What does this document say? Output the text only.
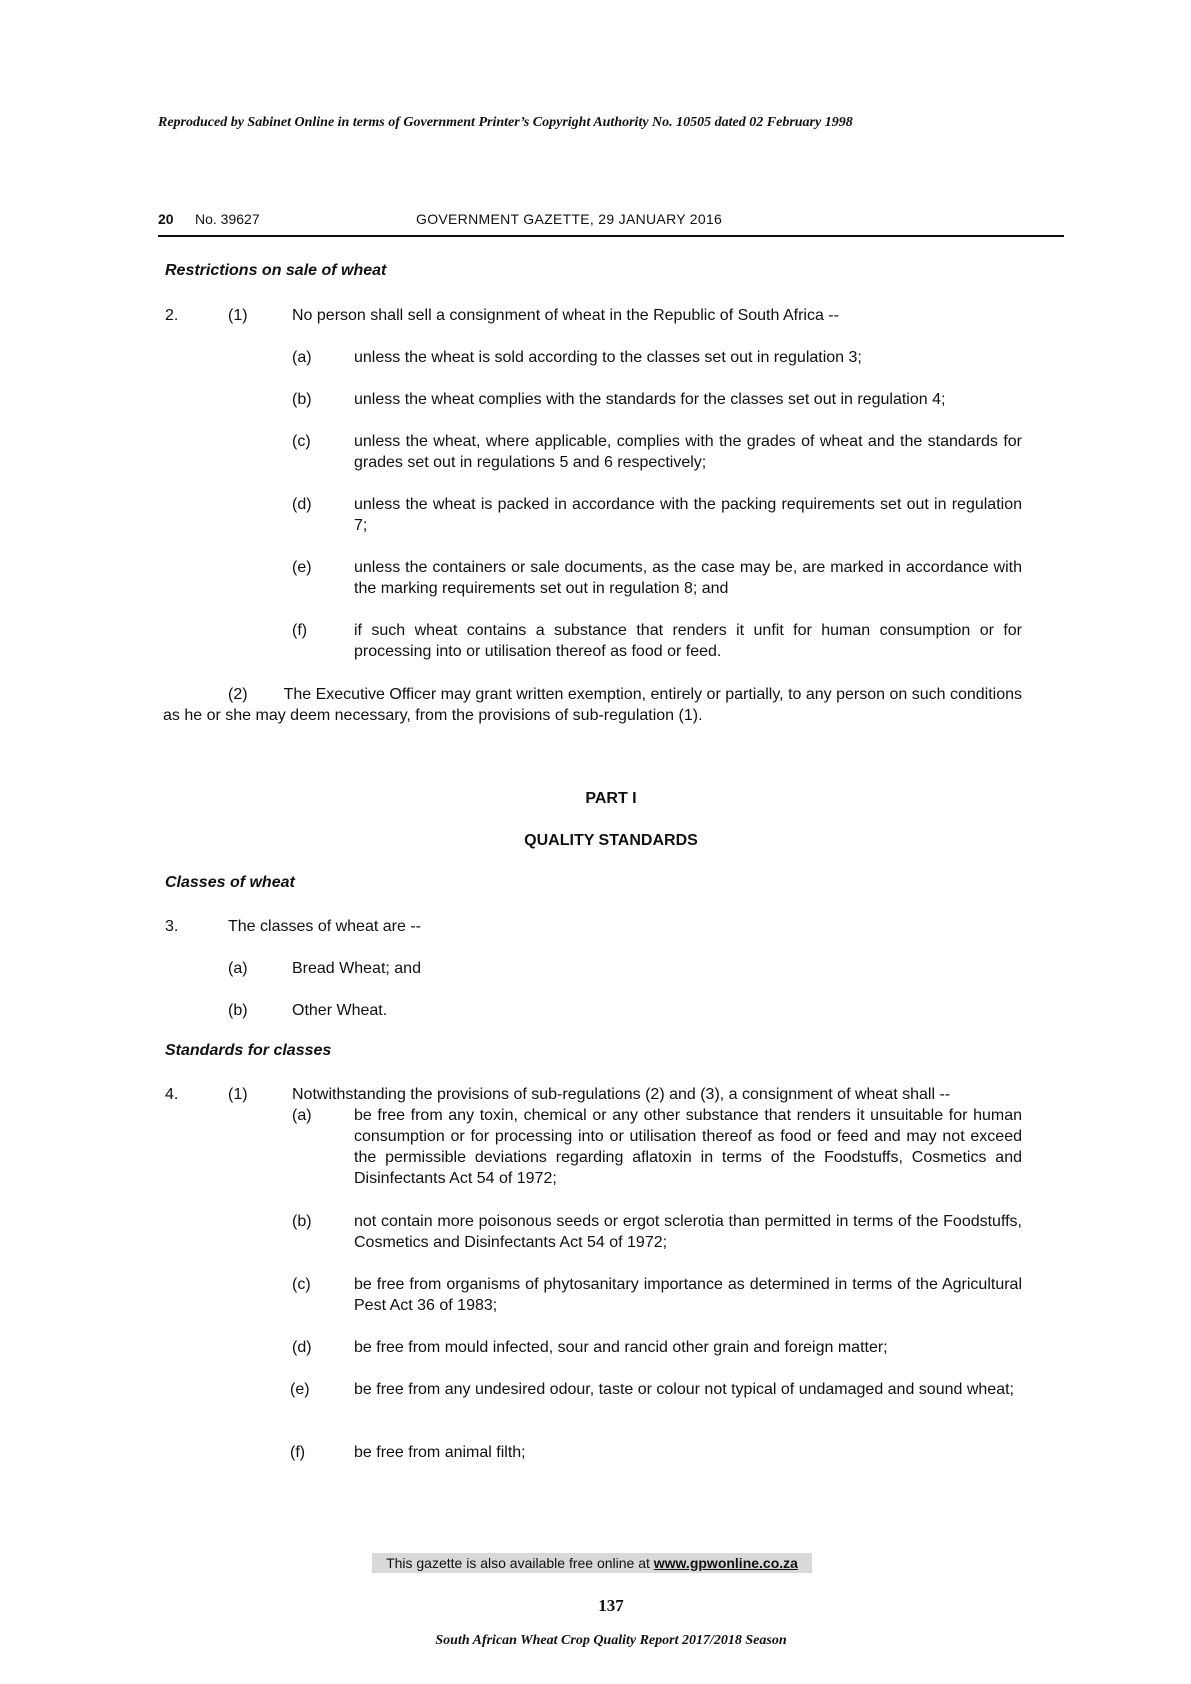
Reproduced by Sabinet Online in terms of Government Printer’s Copyright Authority No. 10505 dated 02 February 1998
20 No. 39627	GOVERNMENT GAZETTE, 29 JANUARY 2016
Restrictions on sale of wheat
2.	(1)	No person shall sell a consignment of wheat in the Republic of South Africa --
(a)	unless the wheat is sold according to the classes set out in regulation 3;
(b)	unless the wheat complies with the standards for the classes set out in regulation 4;
(c)	unless the wheat, where applicable, complies with the grades of wheat and the standards for grades set out in regulations 5 and 6 respectively;
(d)	unless the wheat is packed in accordance with the packing requirements set out in regulation 7;
(e)	unless the containers or sale documents, as the case may be, are marked in accordance with the marking requirements set out in regulation 8; and
(f)	if such wheat contains a substance that renders it unfit for human consumption or for processing into or utilisation thereof as food or feed.
(2) The Executive Officer may grant written exemption, entirely or partially, to any person on such conditions as he or she may deem necessary, from the provisions of sub-regulation (1).
PART I
QUALITY STANDARDS
Classes of wheat
3.	The classes of wheat are --
(a)	Bread Wheat; and
(b)	Other Wheat.
Standards for classes
4.	(1)	Notwithstanding the provisions of sub-regulations (2) and (3), a consignment of wheat shall --
(a)	be free from any toxin, chemical or any other substance that renders it unsuitable for human consumption or for processing into or utilisation thereof as food or feed and may not exceed the permissible deviations regarding aflatoxin in terms of the Foodstuffs, Cosmetics and Disinfectants Act 54 of 1972;
(b)	not contain more poisonous seeds or ergot sclerotia than permitted in terms of the Foodstuffs, Cosmetics and Disinfectants Act 54 of 1972;
(c)	be free from organisms of phytosanitary importance as determined in terms of the Agricultural Pest Act 36 of 1983;
(d)	be free from mould infected, sour and rancid other grain and foreign matter;
(e)	be free from any undesired odour, taste or colour not typical of undamaged and sound wheat;
(f)	be free from animal filth;
This gazette is also available free online at www.gpwonline.co.za
137
South African Wheat Crop Quality Report 2017/2018 Season
